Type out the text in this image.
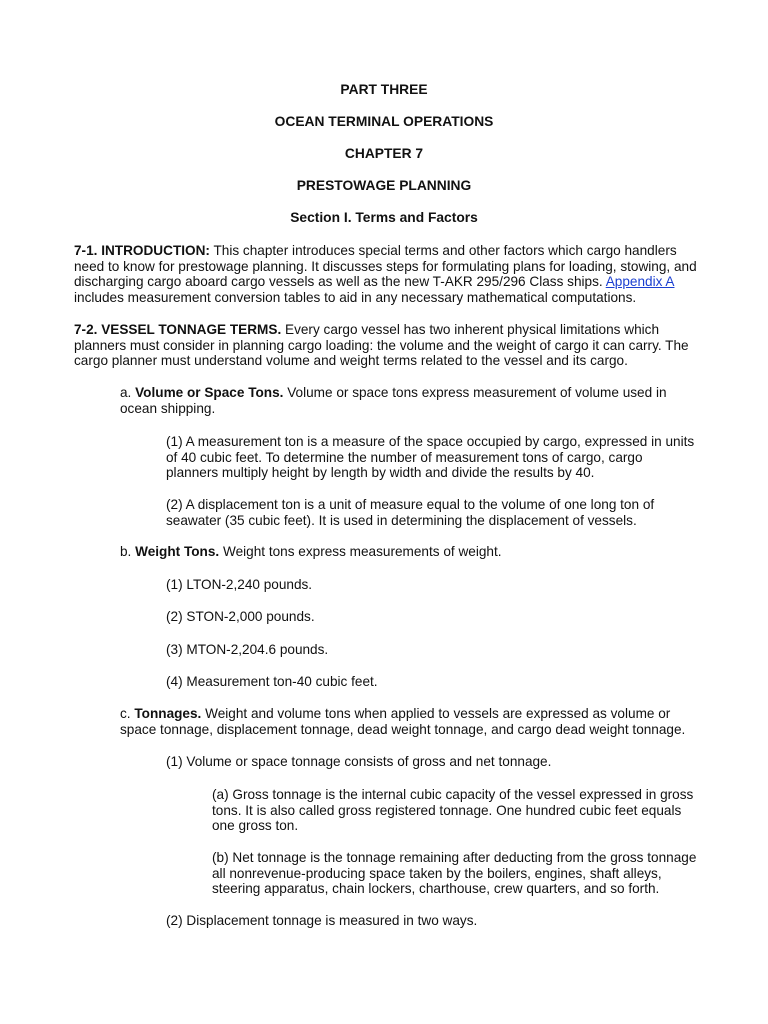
PART THREE
OCEAN TERMINAL OPERATIONS
CHAPTER 7
PRESTOWAGE PLANNING
Section I. Terms and Factors
7-1. INTRODUCTION: This chapter introduces special terms and other factors which cargo handlers
need to know for prestowage planning. It discusses steps for formulating plans for loading, stowing, and
discharging cargo aboard cargo vessels as well as the new T-AKR 295/296 Class ships. Appendix A
includes measurement conversion tables to aid in any necessary mathematical computations.
7-2. VESSEL TONNAGE TERMS. Every cargo vessel has two inherent physical limitations which
planners must consider in planning cargo loading: the volume and the weight of cargo it can carry. The
cargo planner must understand volume and weight terms related to the vessel and its cargo.
a. Volume or Space Tons. Volume or space tons express measurement of volume used in
ocean shipping.
(1) A measurement ton is a measure of the space occupied by cargo, expressed in units
of 40 cubic feet. To determine the number of measurement tons of cargo, cargo
planners multiply height by length by width and divide the results by 40.
(2) A displacement ton is a unit of measure equal to the volume of one long ton of
seawater (35 cubic feet). It is used in determining the displacement of vessels.
b. Weight Tons. Weight tons express measurements of weight.
(1) LTON-2,240 pounds.
(2) STON-2,000 pounds.
(3) MTON-2,204.6 pounds.
(4) Measurement ton-40 cubic feet.
c. Tonnages. Weight and volume tons when applied to vessels are expressed as volume or
space tonnage, displacement tonnage, dead weight tonnage, and cargo dead weight tonnage.
(1) Volume or space tonnage consists of gross and net tonnage.
(a) Gross tonnage is the internal cubic capacity of the vessel expressed in gross
tons. It is also called gross registered tonnage. One hundred cubic feet equals
one gross ton.
(b) Net tonnage is the tonnage remaining after deducting from the gross tonnage
all nonrevenue-producing space taken by the boilers, engines, shaft alleys,
steering apparatus, chain lockers, charthouse, crew quarters, and so forth.
(2) Displacement tonnage is measured in two ways.
